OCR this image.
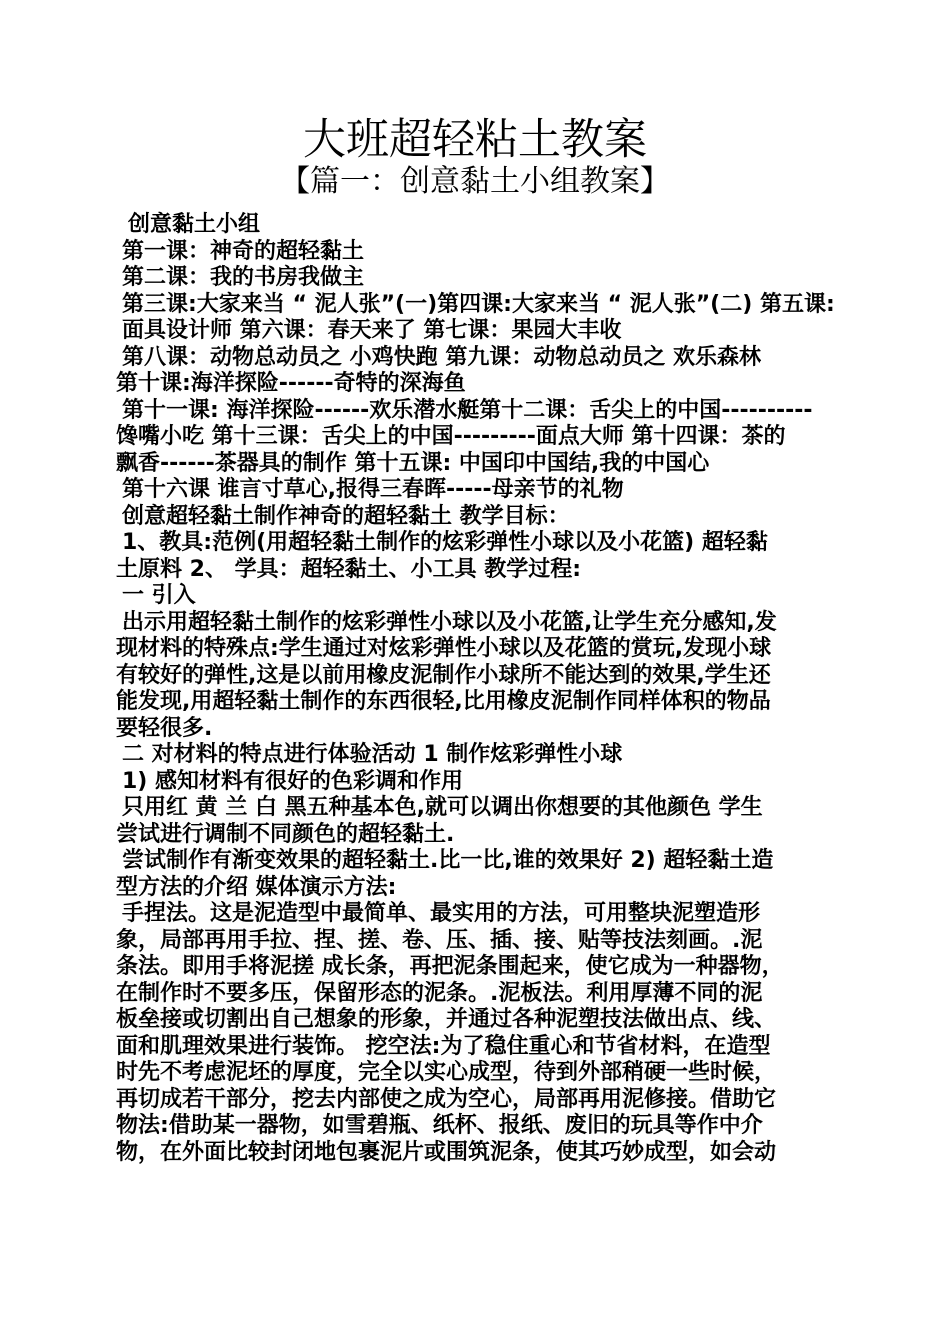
大班超轻粘土教案
【篇一：创意黏土小组教案】

创意黏土小组

第一课：神奇的超轻黏土

第二课：我的书房我做主

第三课:大家来当 “ 泥人张”(一)第四课:大家来当 “ 泥人张”(二) 第五课:

面具设计师 第六课：春天来了 第七课：果园大丰收

第八课：动物总动员之 小鸡快跑 第九课：动物总动员之 欢乐森林

第十课:海洋探险------奇特的深海鱼

第十一课: 海洋探险------欢乐潜水艇第十二课：舌尖上的中国----------

馋嘴小吃 第十三课：舌尖上的中国---------面点大师 第十四课：茶的

飘香------茶器具的制作 第十五课: 中国印中国结,我的中国心

第十六课 谁言寸草心,报得三春晖-----母亲节的礼物

创意超轻黏土制作神奇的超轻黏土 教学目标：

1、教具:范例(用超轻黏土制作的炫彩弹性小球以及小花篮) 超轻黏

土原料 2、 学具：超轻黏土、小工具 教学过程:

一 引入

出示用超轻黏土制作的炫彩弹性小球以及小花篮,让学生充分感知,发

现材料的特殊点:学生通过对炫彩弹性小球以及花篮的赏玩,发现小球

有较好的弹性,这是以前用橡皮泥制作小球所不能达到的效果,学生还

能发现,用超轻黏土制作的东西很轻,比用橡皮泥制作同样体积的物品

要轻很多.

二 对材料的特点进行体验活动 1 制作炫彩弹性小球

1) 感知材料有很好的色彩调和作用

只用红 黄 兰 白 黑五种基本色,就可以调出你想要的其他颜色 学生

尝试进行调制不同颜色的超轻黏土.

尝试制作有渐变效果的超轻黏土.比一比,谁的效果好 2) 超轻黏土造

型方法的介绍 媒体演示方法:

手捏法。这是泥造型中最简单、最实用的方法，可用整块泥塑造形

象，局部再用手拉、捏、搓、卷、压、插、接、贴等技法刻画。.泥

条法。即用手将泥搓 成长条，再把泥条围起来，使它成为一种器物，

在制作时不要多压，保留形态的泥条。.泥板法。利用厚薄不同的泥

板垒接或切割出自己想象的形象，并通过各种泥塑技法做出点、线、

面和肌理效果进行装饰。 挖空法:为了稳住重心和节省材料，在造型

时先不考虑泥坯的厚度，完全以实心成型，待到外部稍硬一些时候，

再切成若干部分，挖去内部使之成为空心，局部再用泥修接。借助它

物法:借助某一器物，如雪碧瓶、纸杯、报纸、废旧的玩具等作中介

物，在外面比较封闭地包裹泥片或围筑泥条，使其巧妙成型，如会动
